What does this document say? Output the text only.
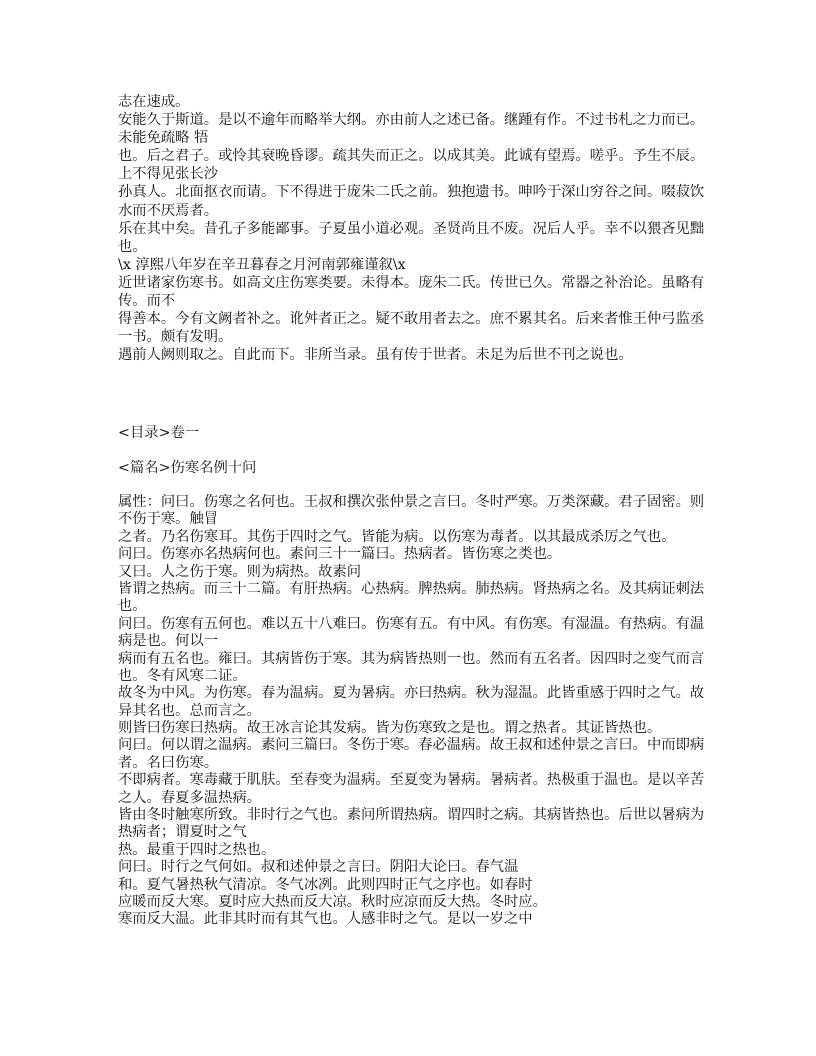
志在速成。
安能久于斯道。是以不逾年而略举大纲。亦由前人之述已备。继踵有作。不过书札之力而已。
未能免疏略 牾
也。后之君子。或怜其衰晚昏谬。疏其失而正之。以成其美。此诚有望焉。嗟乎。予生不辰。
上不得见张长沙
孙真人。北面抠衣而请。下不得进于庞朱二氏之前。独抱遗书。呻吟于深山穷谷之间。啜菽饮
水而不厌焉者。
乐在其中矣。昔孔子多能鄙事。子夏虽小道必观。圣贤尚且不废。况后人乎。幸不以猥吝见黜
也。
\x 淳熙八年岁在辛丑暮春之月河南郭雍谨叙\x
近世诸家伤寒书。如高文庄伤寒类要。未得本。庞朱二氏。传世已久。常器之补治论。虽略有
传。而不
得善本。今有文阙者补之。讹舛者正之。疑不敢用者去之。庶不累其名。后来者惟王仲弓监丞
一书。颇有发明。
遇前人阙则取之。自此而下。非所当录。虽有传于世者。未足为后世不刊之说也。
<目录>卷一
<篇名>伤寒名例十问
属性：问曰。伤寒之名何也。王叔和撰次张仲景之言曰。冬时严寒。万类深藏。君子固密。则
不伤于寒。触冒
之者。乃名伤寒耳。其伤于四时之气。皆能为病。以伤寒为毒者。以其最成杀厉之气也。
问曰。伤寒亦名热病何也。素问三十一篇曰。热病者。皆伤寒之类也。
又曰。人之伤于寒。则为病热。故素问
皆谓之热病。而三十二篇。有肝热病。心热病。脾热病。肺热病。肾热病之名。及其病证刺法
也。
问曰。伤寒有五何也。难以五十八难曰。伤寒有五。有中风。有伤寒。有湿温。有热病。有温
病是也。何以一
病而有五名也。雍曰。其病皆伤于寒。其为病皆热则一也。然而有五名者。因四时之变气而言
也。冬有风寒二证。
故冬为中风。为伤寒。春为温病。夏为暑病。亦曰热病。秋为湿温。此皆重感于四时之气。故
异其名也。总而言之。
则皆曰伤寒曰热病。故王冰言论其发病。皆为伤寒致之是也。谓之热者。其证皆热也。
问曰。何以谓之温病。素问三篇曰。冬伤于寒。春必温病。故王叔和述仲景之言曰。中而即病
者。名曰伤寒。
不即病者。寒毒藏于肌肤。至春变为温病。至夏变为暑病。暑病者。热极重于温也。是以辛苦
之人。春夏多温热病。
皆由冬时触寒所致。非时行之气也。素问所谓热病。谓四时之病。其病皆热也。后世以暑病为
热病者；谓夏时之气
热。最重于四时之热也。
问曰。时行之气何如。叔和述仲景之言曰。阴阳大论曰。春气温
和。夏气暑热秋气清凉。冬气冰冽。此则四时正气之序也。如春时
应暖而反大寒。夏时应大热而反大凉。秋时应凉而反大热。冬时应。
寒而反大温。此非其时而有其气也。人感非时之气。是以一岁之中
